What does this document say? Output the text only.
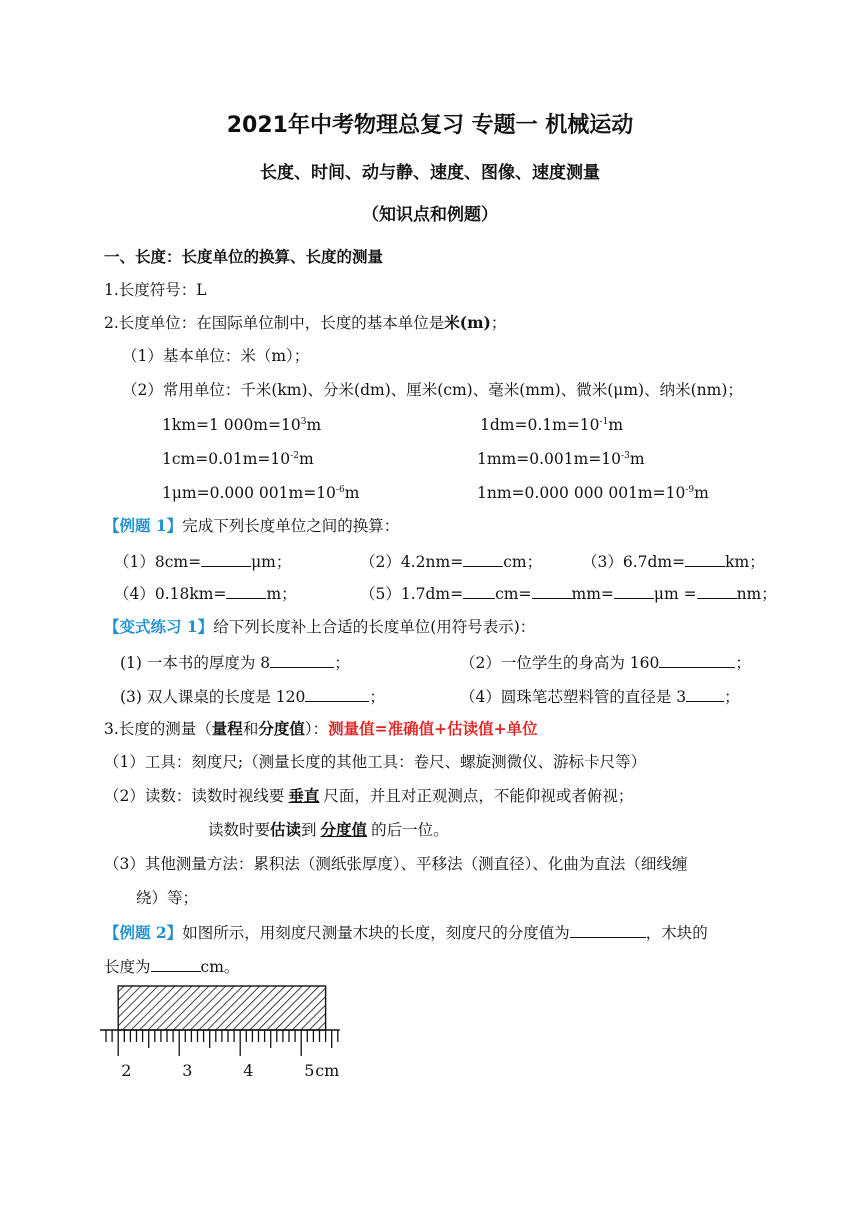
2021年中考物理总复习 专题一 机械运动
长度、时间、动与静、速度、图像、速度测量
（知识点和例题）
一、长度：长度单位的换算、长度的测量
1.长度符号：L
2.长度单位：在国际单位制中，长度的基本单位是米(m)；
（1）基本单位：米（m）；
（2）常用单位：千米(km)、分米(dm)、厘米(cm)、毫米(mm)、微米(μm)、纳米(nm)；
1km=1 $000m=10^3m$	$1dm=0.1m=10^{-1}m$
$1cm=0.01m=10^{-2}m$	$1mm=0.001m=10^{-3}m$
1μm=0.000 $001m=10^{-6}m$	1nm=0.000 000 $001m=10^{-9}m$
【例题 1】完成下列长度单位之间的换算：
（1）8cm=	μm；	（2）4.2nm=	cm；	（3）6.7dm=	km；
（4）0.18km=	m；	（5）1.7dm= cm=	mm=	μm =	nm；
【变式练习 1】给下列长度补上合适的长度单位(用符号表示)：
(1) 一本书的厚度为 8	；	（2）一位学生的身高为 160	；
(3) 双人课桌的长度是 120	；	（4）圆珠笔芯塑料管的直径是 3 ；
3.长度的测量（量程和分度值）：测量值=准确值+估读值+单位
（1）工具：刻度尺;（测量长度的其他工具：卷尺、螺旋测微仪、游标卡尺等）
（2）读数：读数时视线要 垂直 尺面，并且对正观测点，不能仰视或者俯视；
读数时要估读到 分度值 的后一位。
（3）其他测量方法：累积法（测纸张厚度）、平移法（测直径）、化曲为直法（细线缠
绕）等；
【例题 2】如图所示，用刻度尺测量木块的长度，刻度尺的分度值为	，木块的
长度为	cm。
2	3	4	5 cm
